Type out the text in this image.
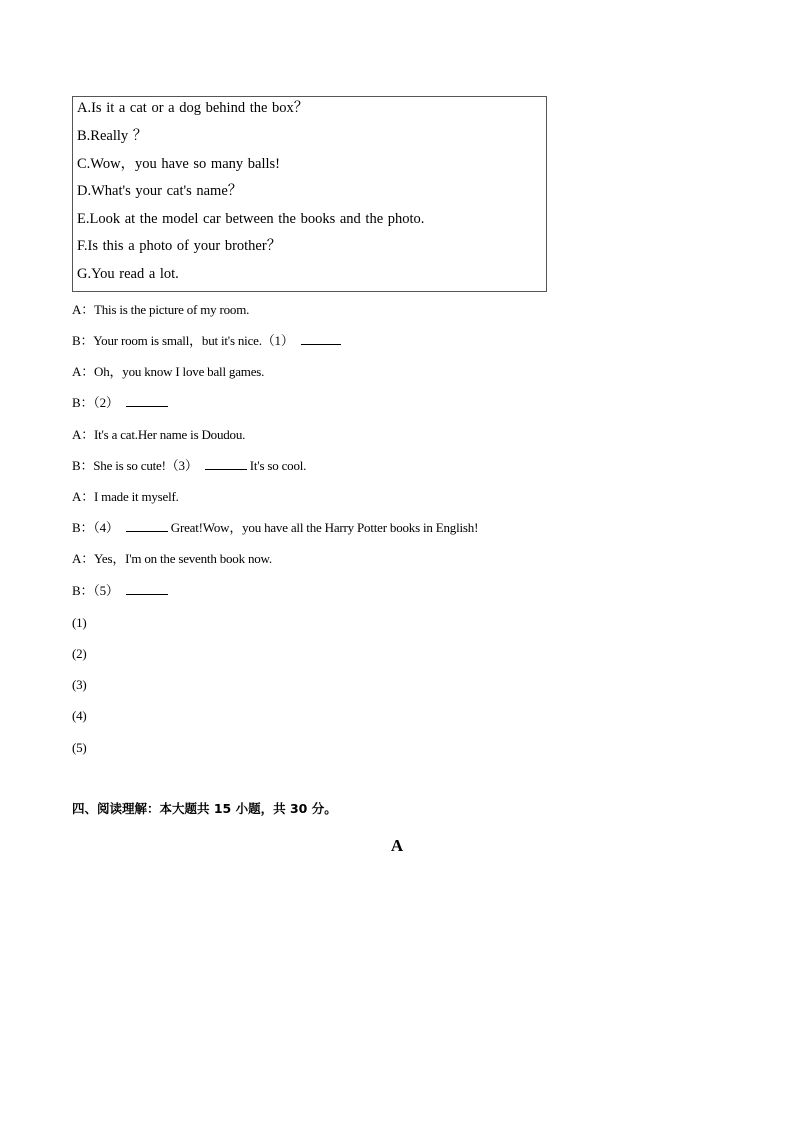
A.Is it a cat or a dog behind the box？
B.Really ？
C.Wow，you have so many balls!
D.What's your cat's name？
E.Look at the model car between the books and the photo.
F.Is this a photo of your brother？
G.You read a lot.
A：This is the picture of my room.
B：Your room is small，but it's nice.（1）
A：Oh，you know I love ball games.
B：（2）
A：It's a cat.Her name is Doudou.
B：She is so cute!（3）	It's so cool.
A：I made it myself.
B：（4）	Great!Wow，you have all the Harry Potter books in English!
A：Yes，I'm on the seventh book now.
B：（5）
(1)
(2)
(3)
(4)
(5)
四、阅读理解：本大题共 15 小题，共 30 分。
A
